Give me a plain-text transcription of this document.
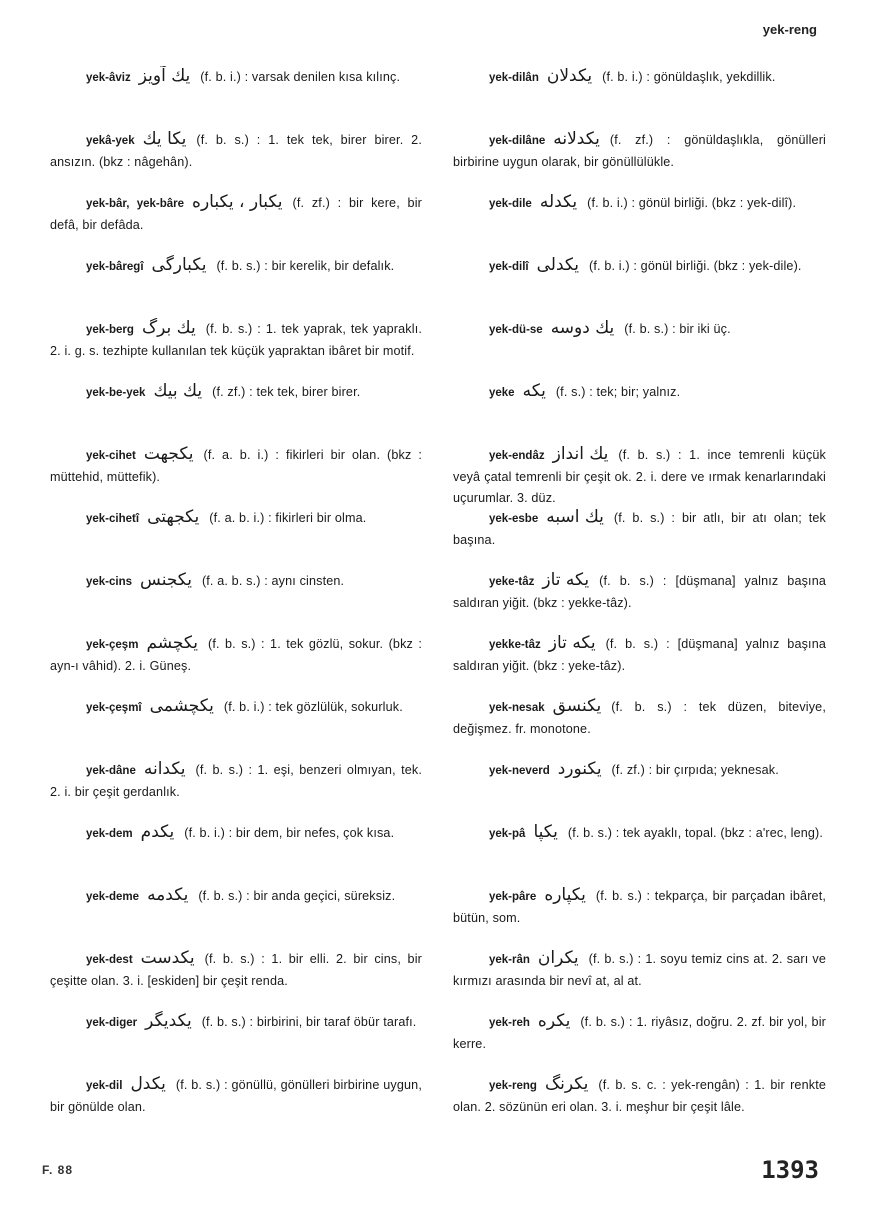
yek-reng
yek-âviz يك آويز (f. b. i.) : varsak denilen kısa kılınç.
yekâ-yek يكا يك (f. b. s.) : 1. tek tek, birer birer. 2. ansızın. (bkz : nâgehân).
yek-bâr, yek-bâre يكبار ، يكباره (f. zf.) : bir kere, bir defâ, bir defâda.
yek-bâregî يكبارگى (f. b. s.) : bir kerelik, bir defalık.
yek-berg يك برگ (f. b. s.) : 1. tek yaprak, tek yapraklı. 2. i. g. s. tezhipte kullanılan tek küçük yapraktan ibâret bir motif.
yek-be-yek يك بيك (f. zf.) : tek tek, birer birer.
yek-cihet يكجهت (f. a. b. i.) : fikirleri bir olan. (bkz : müttehid, müttefik).
yek-cihetî يكجهتى (f. a. b. i.) : fikirleri bir olma.
yek-cins يكجنس (f. a. b. s.) : aynı cinsten.
yek-çeşm يكچشم (f. b. s.) : 1. tek gözlü, sokur. (bkz : ayn-ı vâhid). 2. i. Güneş.
yek-çeşmî يكچشمى (f. b. i.) : tek gözlülük, sokurluk.
yek-dâne يكدانه (f. b. s.) : 1. eşi, benzeri olmıyan, tek. 2. i. bir çeşit gerdanlık.
yek-dem يكدم (f. b. i.) : bir dem, bir nefes, çok kısa.
yek-deme يكدمه (f. b. s.) : bir anda geçici, süreksiz.
yek-dest يكدست (f. b. s.) : 1. bir elli. 2. bir cins, bir çeşitte olan. 3. i. [eskiden] bir çeşit renda.
yek-diger يكديگر (f. b. s.) : birbirini, bir taraf öbür tarafı.
yek-dil يكدل (f. b. s.) : gönüllü, gönülleri birbirine uygun, bir gönülde olan.
yek-dilân يكدلان (f. b. i.) : gönüldaşlık, yekdillik.
yek-dilâne يكدلانه (f. zf.) : gönüldaşlıkla, gönülleri birbirine uygun olarak, bir gönüllülükle.
yek-dile يكدله (f. b. i.) : gönül birliği. (bkz : yek-dilî).
yek-dilî يكدلى (f. b. i.) : gönül birliği. (bkz : yek-dile).
yek-dü-se يك دوسه (f. b. s.) : bir iki üç.
yeke يكه (f. s.) : tek; bir; yalnız.
yek-endâz يك انداز (f. b. s.) : 1. ince temrenli küçük veyâ çatal temrenli bir çeşit ok. 2. i. dere ve ırmak kenarlarındaki uçurumlar. 3. düz.
yek-esbe يك اسبه (f. b. s.) : bir atlı, bir atı olan; tek başına.
yeke-tâz يكه تاز (f. b. s.) : [düşmana] yalnız başına saldıran yiğit. (bkz : yekke-tâz).
yekke-tâz يكه تاز (f. b. s.) : [düşmana] yalnız başına saldıran yiğit. (bkz : yeke-tâz).
yek-nesak يكنسق (f. b. s.) : tek düzen, biteviye, değişmez. fr. monotone.
yek-neverd يكنورد (f. zf.) : bir çırpıda; yeknesak.
yek-pâ يكپا (f. b. s.) : tek ayaklı, topal. (bkz : a'rec, leng).
yek-pâre يكپاره (f. b. s.) : tekparça, bir parçadan ibâret, bütün, som.
yek-rân يكران (f. b. s.) : 1. soyu temiz cins at. 2. sarı ve kırmızı arasında bir nevî at, al at.
yek-reh يكره (f. b. s.) : 1. riyâsız, doğru. 2. zf. bir yol, bir kerre.
yek-reng يكرنگ (f. b. s. c. : yek-rengân) : 1. bir renkte olan. 2. sözünün eri olan. 3. i. meşhur bir çeşit lâle.
F. 88	1393
